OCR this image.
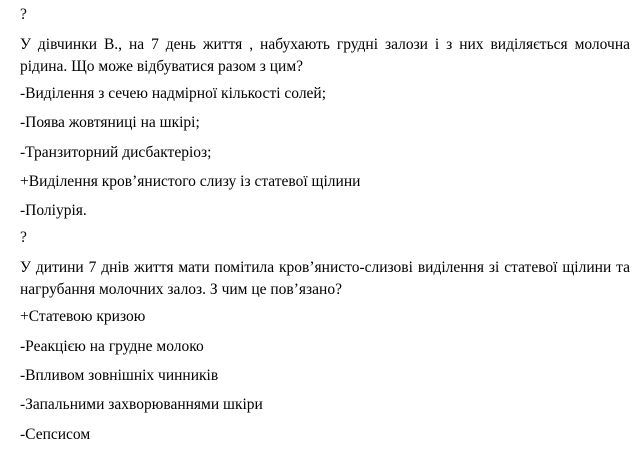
?
У дівчинки В., на 7 день життя , набухають грудні залози і з них виділяється молочна рідина. Що може відбуватися разом з цим?
-Виділення з сечею надмірної кількості солей;
-Поява жовтяниці на шкірі;
-Транзиторний дисбактеріоз;
+Виділення кров’янистого слизу із статевої щілини
-Поліурія.
?
У дитини 7 днів життя мати помітила кров’янисто-слизові виділення зі статевої щілини та нагрубання молочних залоз. З чим це пов’язано?
+Статевою кризою
-Реакцією на грудне молоко
-Впливом зовнішніх чинників
-Запальними захворюваннями шкіри
-Сепсисом
